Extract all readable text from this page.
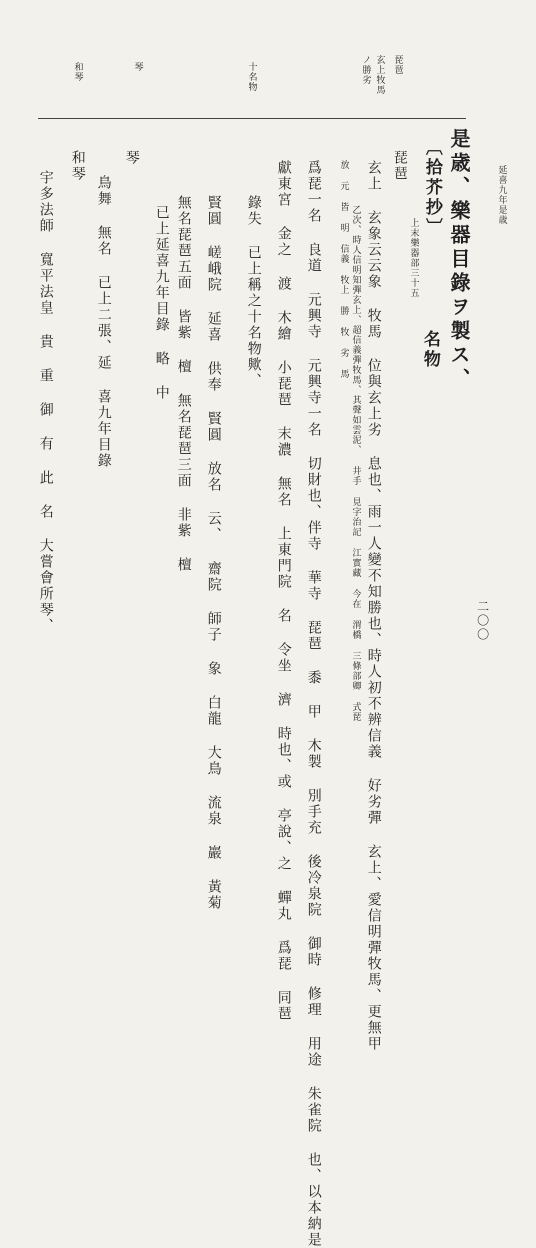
延喜九年是歳
二〇〇
琵琶
玄上牧馬
ノ勝劣
十名物
琴
和琴
是歳、樂器目錄ヲ製ス、
〔拾芥抄〕
上末樂器部三十五
名物
琵琶
玄上 玄象云云象 牧馬 位與玄上劣 息也、雨一人變不知勝也、時人初不辨信義 好劣彈 玄上、愛信明彈牧馬、更無甲
乙次、時人信明知彈玄上、超信義彈牧馬、其聲如雲泥、 井手 見字治記 江實藏 今在 渭橋 三條部卿 式琵
放 元 皆 明 信義 牧上 勝 牧 劣 馬
爲琵一名 良道 元興寺 元興寺一名 切財也、伴寺 華寺 琵琶 黍 甲 木製 別手充 後冷泉院 御時 修理 用途 朱雀院 也、以本納是
獻東宮 金之 渡 木繪 小琵琶 末濃 無名 上東門院 名 令坐 濟 時也、或 亭說、之 蟬丸 爲琵 同琶
錄失 已上稱之十名物歟、
賢圓 嵯峨院 延喜 供奉 賢圓 放名 云、 齋院 師子 象 白龍 大鳥 流泉 巖 黃菊
無名琵琶五面 皆紫 檀 無名琵琶三面 非紫 檀
已上延喜九年目錄 略 中
琴
鳥舞 無名 已上二張、延 喜九年目錄
和琴
宇多法師 寬平法皇 貴 重 御 有 此 名 大嘗會所琴、
